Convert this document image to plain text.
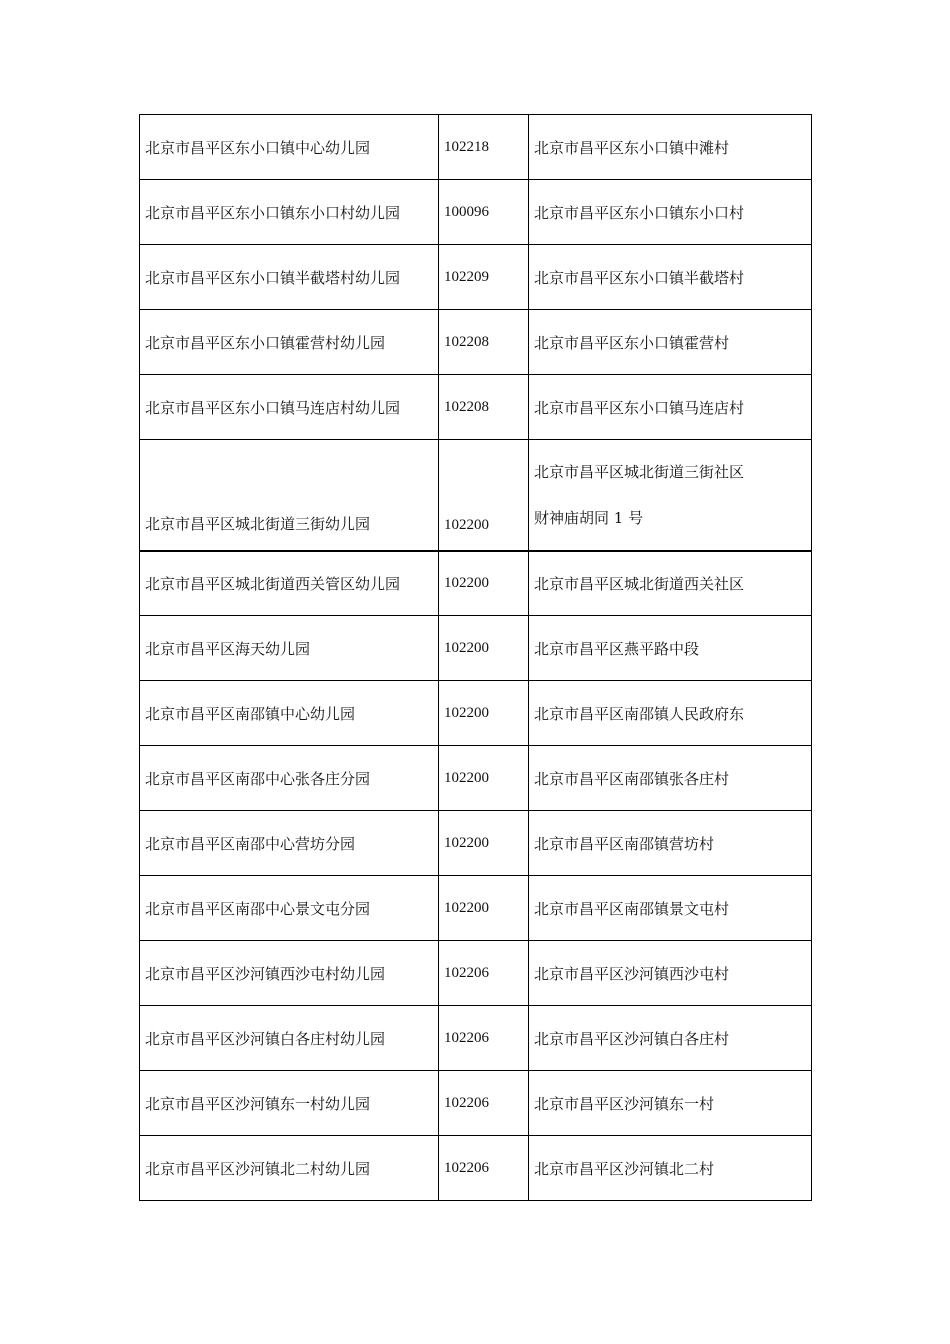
北京市昌平区东小口镇中心幼儿园	102218	北京市昌平区东小口镇中滩村
北京市昌平区东小口镇东小口村幼儿园	100096	北京市昌平区东小口镇东小口村
北京市昌平区东小口镇半截塔村幼儿园	102209	北京市昌平区东小口镇半截塔村
北京市昌平区东小口镇霍营村幼儿园	102208	北京市昌平区东小口镇霍营村
北京市昌平区东小口镇马连店村幼儿园	102208	北京市昌平区东小口镇马连店村
北京市昌平区城北街道三街幼儿园	102200	北京市昌平区城北街道三街社区
财神庙胡同 1 号

北京市昌平区城北街道西关管区幼儿园	102200	北京市昌平区城北街道西关社区
北京市昌平区海天幼儿园	102200	北京市昌平区燕平路中段
北京市昌平区南邵镇中心幼儿园	102200	北京市昌平区南邵镇人民政府东
北京市昌平区南邵中心张各庄分园	102200	北京市昌平区南邵镇张各庄村
北京市昌平区南邵中心营坊分园	102200	北京市昌平区南邵镇营坊村
北京市昌平区南邵中心景文屯分园	102200	北京市昌平区南邵镇景文屯村
北京市昌平区沙河镇西沙屯村幼儿园	102206	北京市昌平区沙河镇西沙屯村
北京市昌平区沙河镇白各庄村幼儿园	102206	北京市昌平区沙河镇白各庄村
北京市昌平区沙河镇东一村幼儿园	102206	北京市昌平区沙河镇东一村
北京市昌平区沙河镇北二村幼儿园	102206	北京市昌平区沙河镇北二村
